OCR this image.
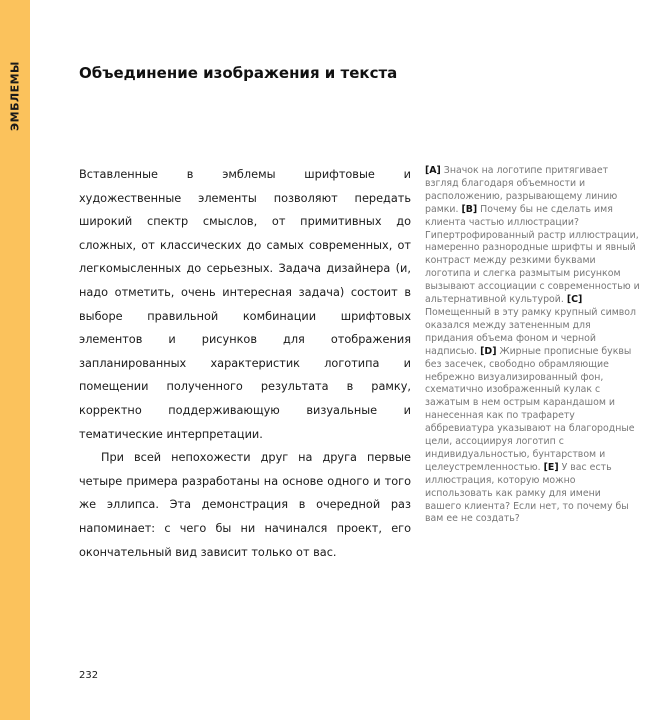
ЭМБЛЕМЫ	Объединение изображения и текста

Вставленные в эмблемы шрифтовые и художественные элементы позволяют передать широкий спектр смыслов, от примитивных до сложных, от классических до самых современных, от легкомысленных до серьезных. Задача дизайнера (и, надо отметить, очень интересная задача) состоит в выборе правильной комбинации шрифтовых элементов и рисунков для отображения запланированных характеристик логотипа и помещении полученного результата в рамку, корректно поддерживающую визуальные и тематические интерпретации.

При всей непохожести друг на друга первые четыре примера разработаны на основе одного и того же эллипса. Эта демонстрация в очередной раз напоминает: с чего бы ни начинался проект, его окончательный вид зависит только от вас.

[A] Значок на логотипе притягивает взгляд благодаря объемности и расположению, разрывающему линию рамки. [B] Почему бы не сделать имя клиента частью иллюстрации? Гипертрофированный растр иллюстрации, намеренно разнородные шрифты и явный контраст между резкими буквами логотипа и слегка размытым рисунком вызывают ассоциации с современностью и альтернативной культурой. [C] Помещенный в эту рамку крупный символ оказался между затененным для придания объема фоном и черной надписью. [D] Жирные прописные буквы без засечек, свободно обрамляющие небрежно визуализированный фон, схематично изображенный кулак с зажатым в нем острым карандашом и нанесенная как по трафарету аббревиатура указывают на благородные цели, ассоциируя логотип с индивидуальностью, бунтарством и целеустремленностью. [E] У вас есть иллюстрация, которую можно использовать как рамку для имени вашего клиента? Если нет, то почему бы вам ее не создать?

232
